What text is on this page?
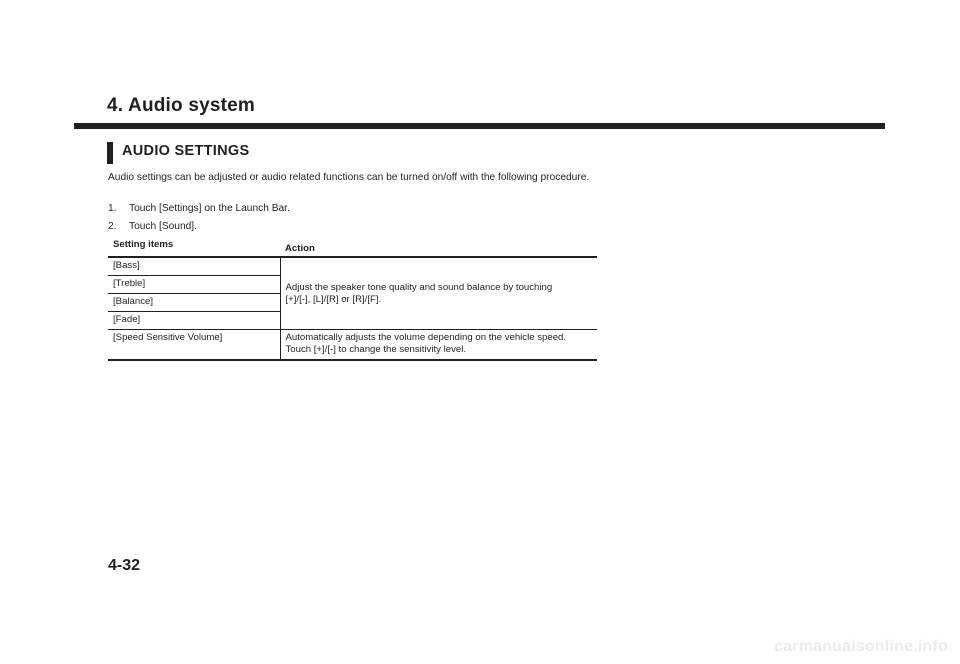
4. Audio system
AUDIO SETTINGS
Audio settings can be adjusted or audio related functions can be turned on/off with the following procedure.
1. Touch [Settings] on the Launch Bar.
2. Touch [Sound].
Setting items	Action
[Bass]	Adjust the speaker tone quality and sound balance by touching
[+]/[-], [L]/[R] or [R]/[F].
[Treble]	
[Balance]	
[Fade]	
[Speed Sensitive Volume]	Automatically adjusts the volume depending on the vehicle speed.
Touch [+]/[-] to change the sensitivity level.
4-32
carmanualsonline.info
